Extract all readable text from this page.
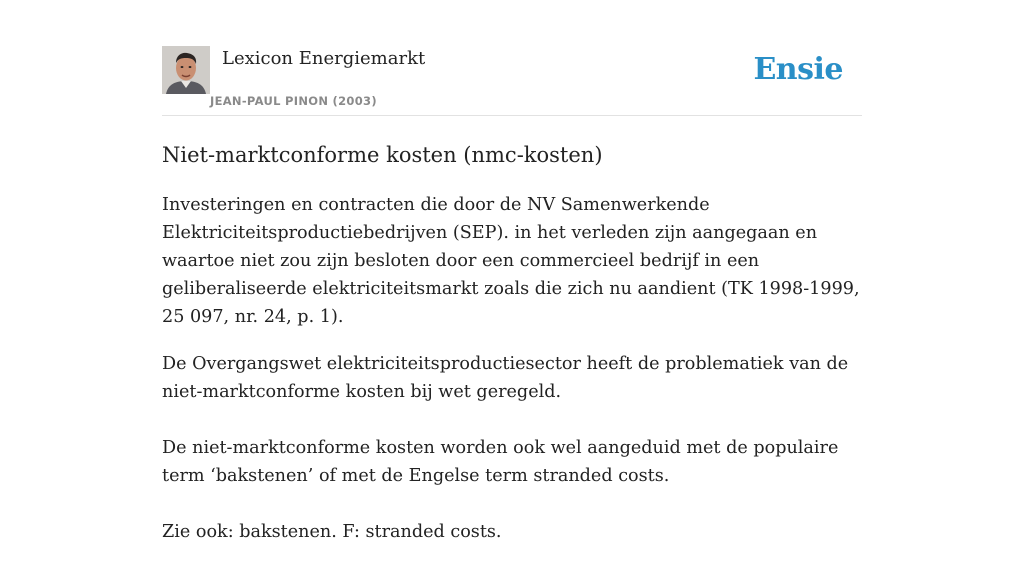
Lexicon Energiemarkt
JEAN-PAUL PINON (2003)
Ensie
Niet-marktconforme kosten (nmc-kosten)

Investeringen en contracten die door de NV Samenwerkende Elektriciteitsproductiebedrijven (SEP). in het verleden zijn aangegaan en waartoe niet zou zijn besloten door een commercieel bedrijf in een geliberaliseerde elektriciteitsmarkt zoals die zich nu aandient (TK 1998-1999, 25 097, nr. 24, p. 1).

De Overgangswet elektriciteitsproductiesector heeft de problematiek van de niet-marktconforme kosten bij wet geregeld.

De niet-marktconforme kosten worden ook wel aangeduid met de populaire term ‘bakstenen’ of met de Engelse term stranded costs.

Zie ook: bakstenen. F: stranded costs.
